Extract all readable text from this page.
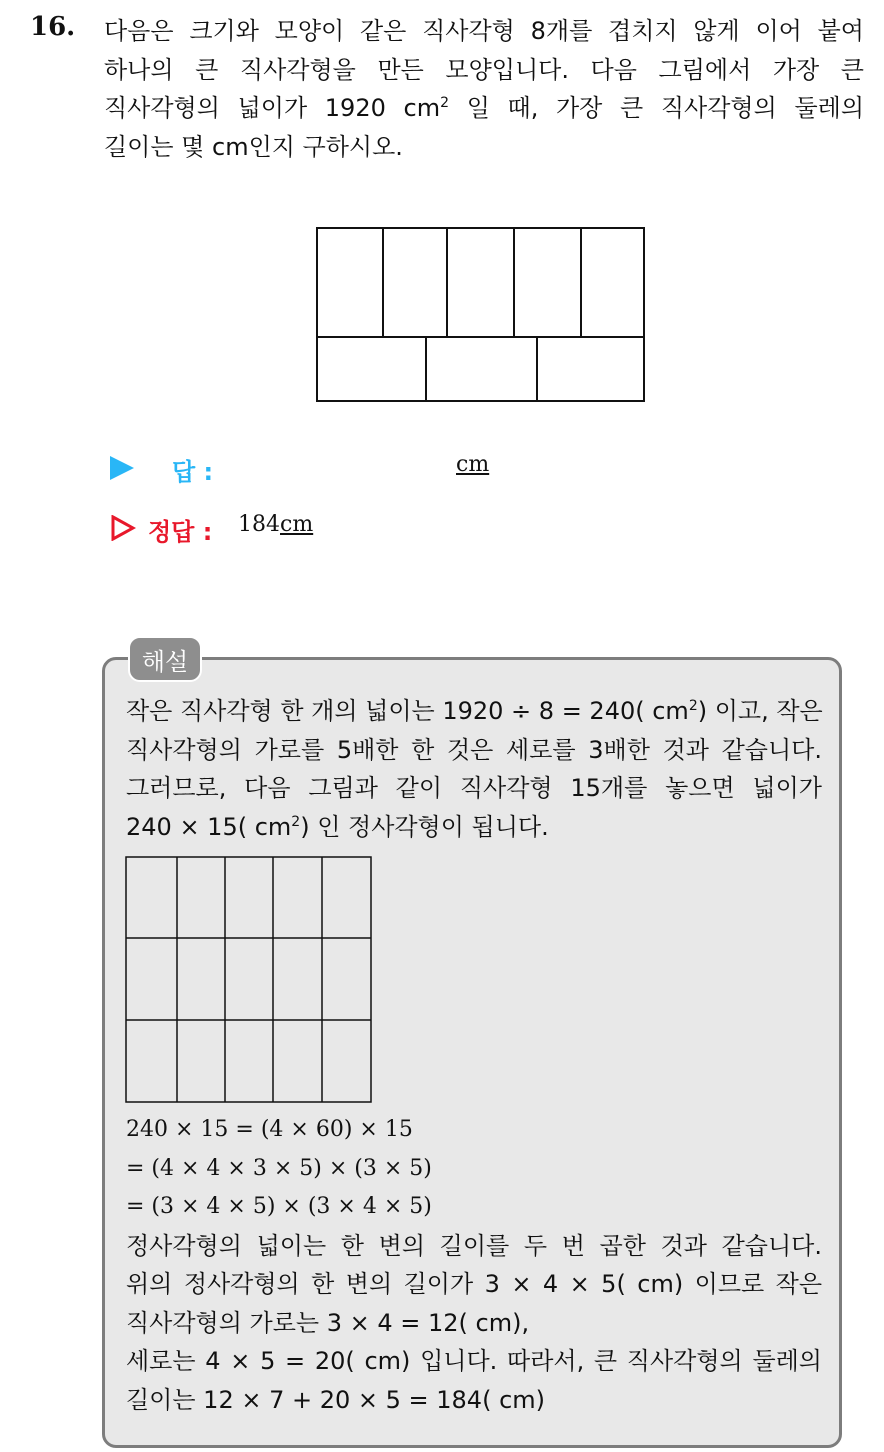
16. 다음은 크기와 모양이 같은 직사각형 8개를 겹치지 않게 이어 붙여
하나의 큰 직사각형을 만든 모양입니다. 다음 그림에서 가장 큰
직사각형의 넓이가 1920 $cm^2$ 일 때, 가장 큰 직사각형의 둘레의
길이는 몇 cm인지 구하시오.
답 :	cm
정답 : 184cm
해설
작은 직사각형 한 개의 넓이는 1920 ÷ 8 = 240( $cm^2$) 이고, 작은
직사각형의 가로를 5배한 한 것은 세로를 3배한 것과 같습니다.
그러므로, 다음 그림과 같이 직사각형 15개를 놓으면 넓이가
240 × 15( $cm^2$) 인 정사각형이 됩니다.
240 × 15 = (4 × 60) × 15
= (4 × 4 × 3 × 5) × (3 × 5)
= (3 × 4 × 5) × (3 × 4 × 5)
정사각형의 넓이는 한 변의 길이를 두 번 곱한 것과 같습니다.
위의 정사각형의 한 변의 길이가 3 × 4 × 5( cm) 이므로 작은
직사각형의 가로는 3 × 4 = 12( cm),
세로는 4 × 5 = 20( cm) 입니다. 따라서, 큰 직사각형의 둘레의
길이는 12 × 7 + 20 × 5 = 184( cm)
